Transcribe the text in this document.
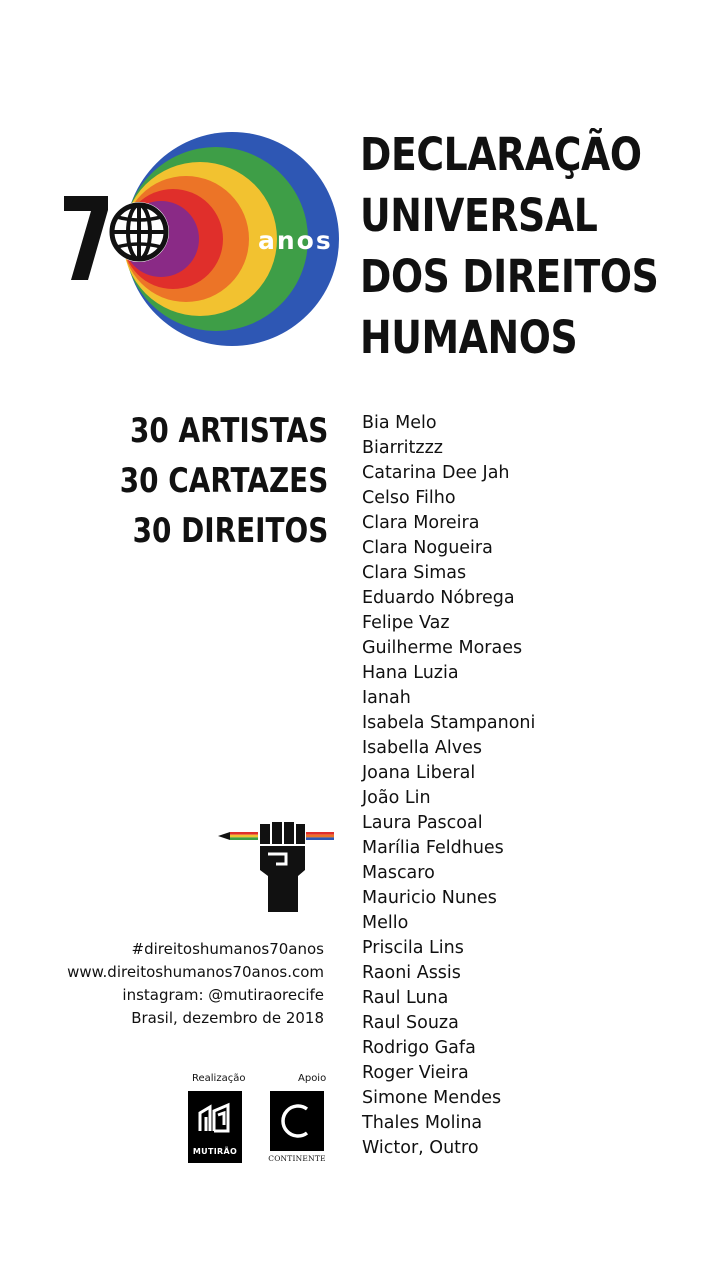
anos
DECLARAÇÃO
UNIVERSAL
DOS DIREITOS
HUMANOS
30 ARTISTAS
30 CARTAZES
30 DIREITOS
Bia Melo
Biarritzzz
Catarina Dee Jah
Celso Filho
Clara Moreira
Clara Nogueira
Clara Simas
Eduardo Nóbrega
Felipe Vaz
Guilherme Moraes
Hana Luzia
Ianah
Isabela Stampanoni
Isabella Alves
Joana Liberal
João Lin
Laura Pascoal
Marília Feldhues
Mascaro
Mauricio Nunes
Mello
Priscila Lins
Raoni Assis
Raul Luna
Raul Souza
Rodrigo Gafa
Roger Vieira
Simone Mendes
Thales Molina
Wictor, Outro
#direitoshumanos70anos
www.direitoshumanos70anos.com
instagram: @mutiraorecife
Brasil, dezembro de 2018
Realização	Apoio
MUTIRÃO
CONTINENTE
